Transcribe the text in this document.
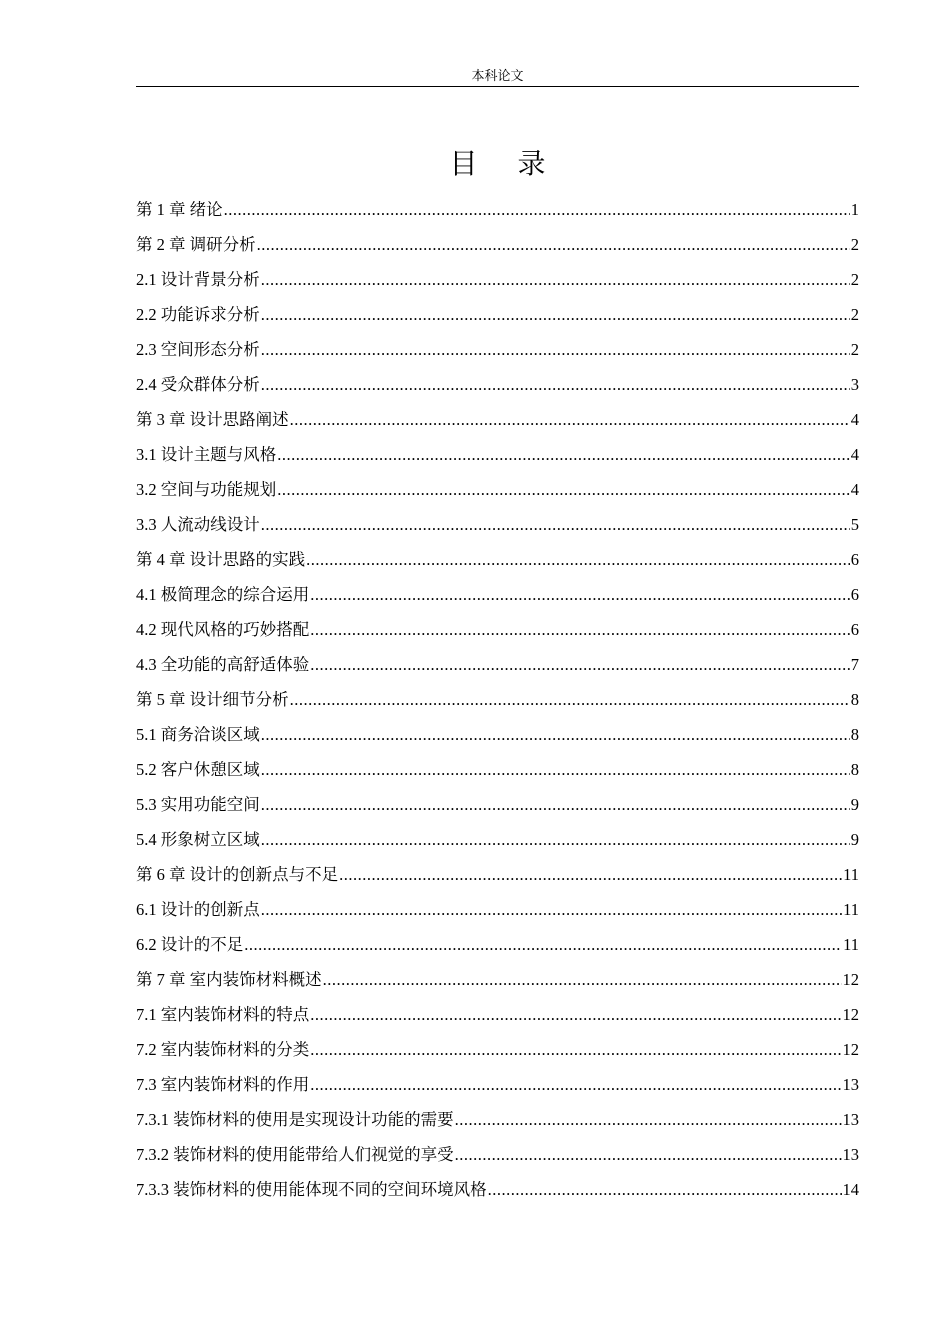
本科论文
目录
第 1 章 绪论 .....	1
第 2 章 调研分析 .....	2
2.1 设计背景分析 .....	2
2.2 功能诉求分析 .....	2
2.3 空间形态分析 .....	2
2.4 受众群体分析 .....	3
第 3 章 设计思路阐述 .....	4
3.1 设计主题与风格 .....	4
3.2 空间与功能规划 .....	4
3.3 人流动线设计 .....	5
第 4 章 设计思路的实践 .....	6
4.1 极简理念的综合运用 .....	6
4.2 现代风格的巧妙搭配 .....	6
4.3 全功能的高舒适体验 .....	7
第 5 章 设计细节分析 .....	8
5.1 商务洽谈区域 .....	8
5.2 客户休憩区域 .....	8
5.3 实用功能空间 .....	9
5.4 形象树立区域 .....	9
第 6 章 设计的创新点与不足 .....	11
6.1 设计的创新点 .....	11
6.2 设计的不足 .....	11
第 7 章 室内装饰材料概述 .....	12
7.1 室内装饰材料的特点 .....	12
7.2 室内装饰材料的分类 .....	12
7.3 室内装饰材料的作用 .....	13
7.3.1 装饰材料的使用是实现设计功能的需要 .....	13
7.3.2 装饰材料的使用能带给人们视觉的享受 .....	13
7.3.3 装饰材料的使用能体现不同的空间环境风格 .....	14
